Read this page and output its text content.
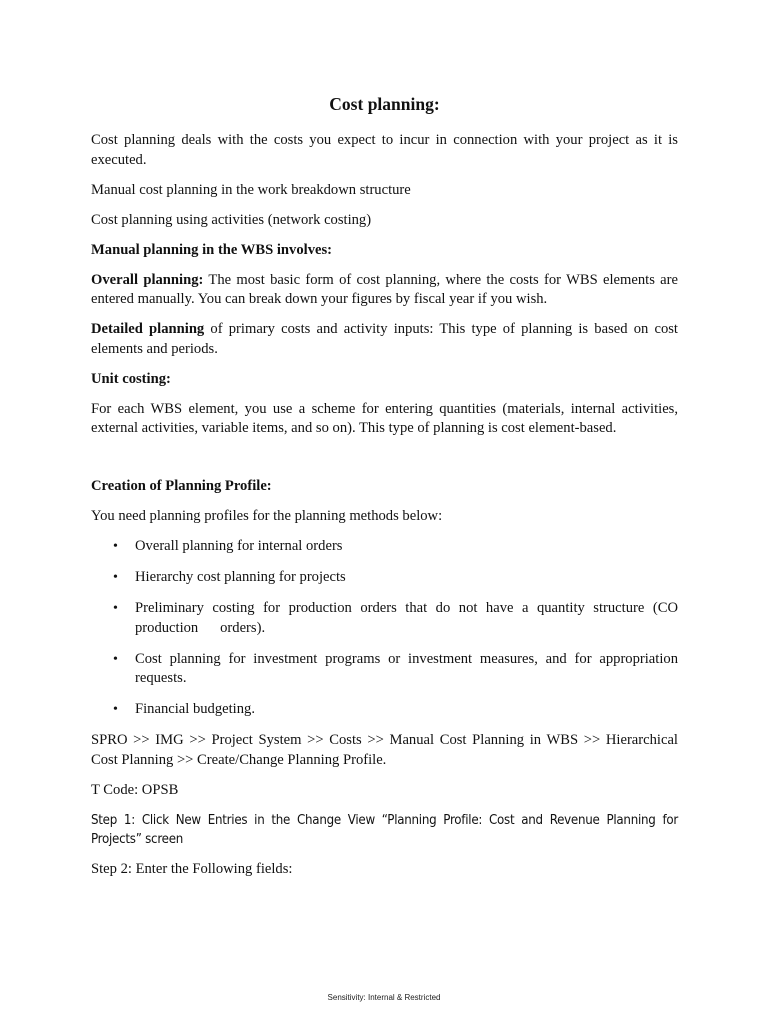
Cost planning:

Cost planning deals with the costs you expect to incur in connection with your project as it is executed.

Manual cost planning in the work breakdown structure

Cost planning using activities (network costing)

Manual planning in the WBS involves:

Overall planning: The most basic form of cost planning, where the costs for WBS elements are entered manually. You can break down your figures by fiscal year if you wish.

Detailed planning of primary costs and activity inputs: This type of planning is based on cost elements and periods.

Unit costing:

For each WBS element, you use a scheme for entering quantities (materials, internal activities, external activities, variable items, and so on). This type of planning is cost element-based.

Creation of Planning Profile:

You need planning profiles for the planning methods below:

• Overall planning for internal orders
• Hierarchy cost planning for projects
• Preliminary costing for production orders that do not have a quantity structure (CO production      orders).
• Cost planning for investment programs or investment measures, and for appropriation requests.
• Financial budgeting.

SPRO >> IMG >> Project System >> Costs >> Manual Cost Planning in WBS >> Hierarchical Cost Planning >> Create/Change Planning Profile.

T Code: OPSB

Step 1: Click New Entries in the Change View “Planning Profile: Cost and Revenue Planning for Projects” screen

Step 2: Enter the Following fields:

Sensitivity: Internal & Restricted
